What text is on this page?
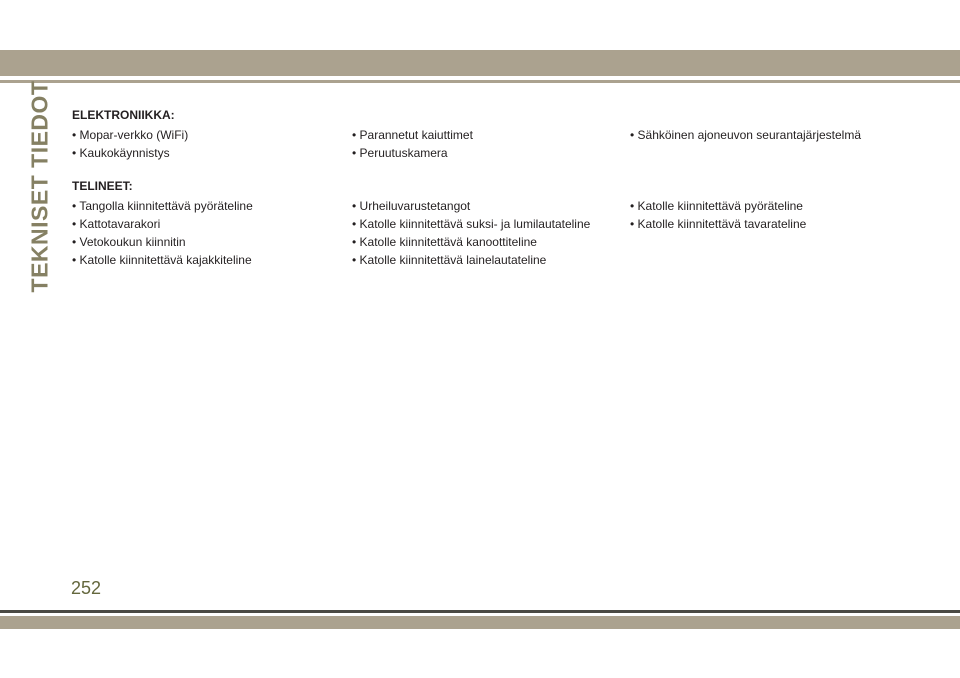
TEKNISET TIEDOT ELEKTRONIIKKA:

• Mopar-verkko (WiFi)	• Parannetut kaiuttimet	• Sähköinen ajoneuvon seurantajärjestelmä
• Kaukokäynnistys	• Peruutuskamera

TELINEET:

• Tangolla kiinnitettävä pyöräteline	• Urheiluvarustetangot	• Katolle kiinnitettävä pyöräteline
• Kattotavarakori	• Katolle kiinnitettävä suksi- ja lumilautateline	• Katolle kiinnitettävä tavarateline
• Vetokoukun kiinnitin	• Katolle kiinnitettävä kanoottiteline
• Katolle kiinnitettävä kajakkiteline	• Katolle kiinnitettävä lainelautateline
252
